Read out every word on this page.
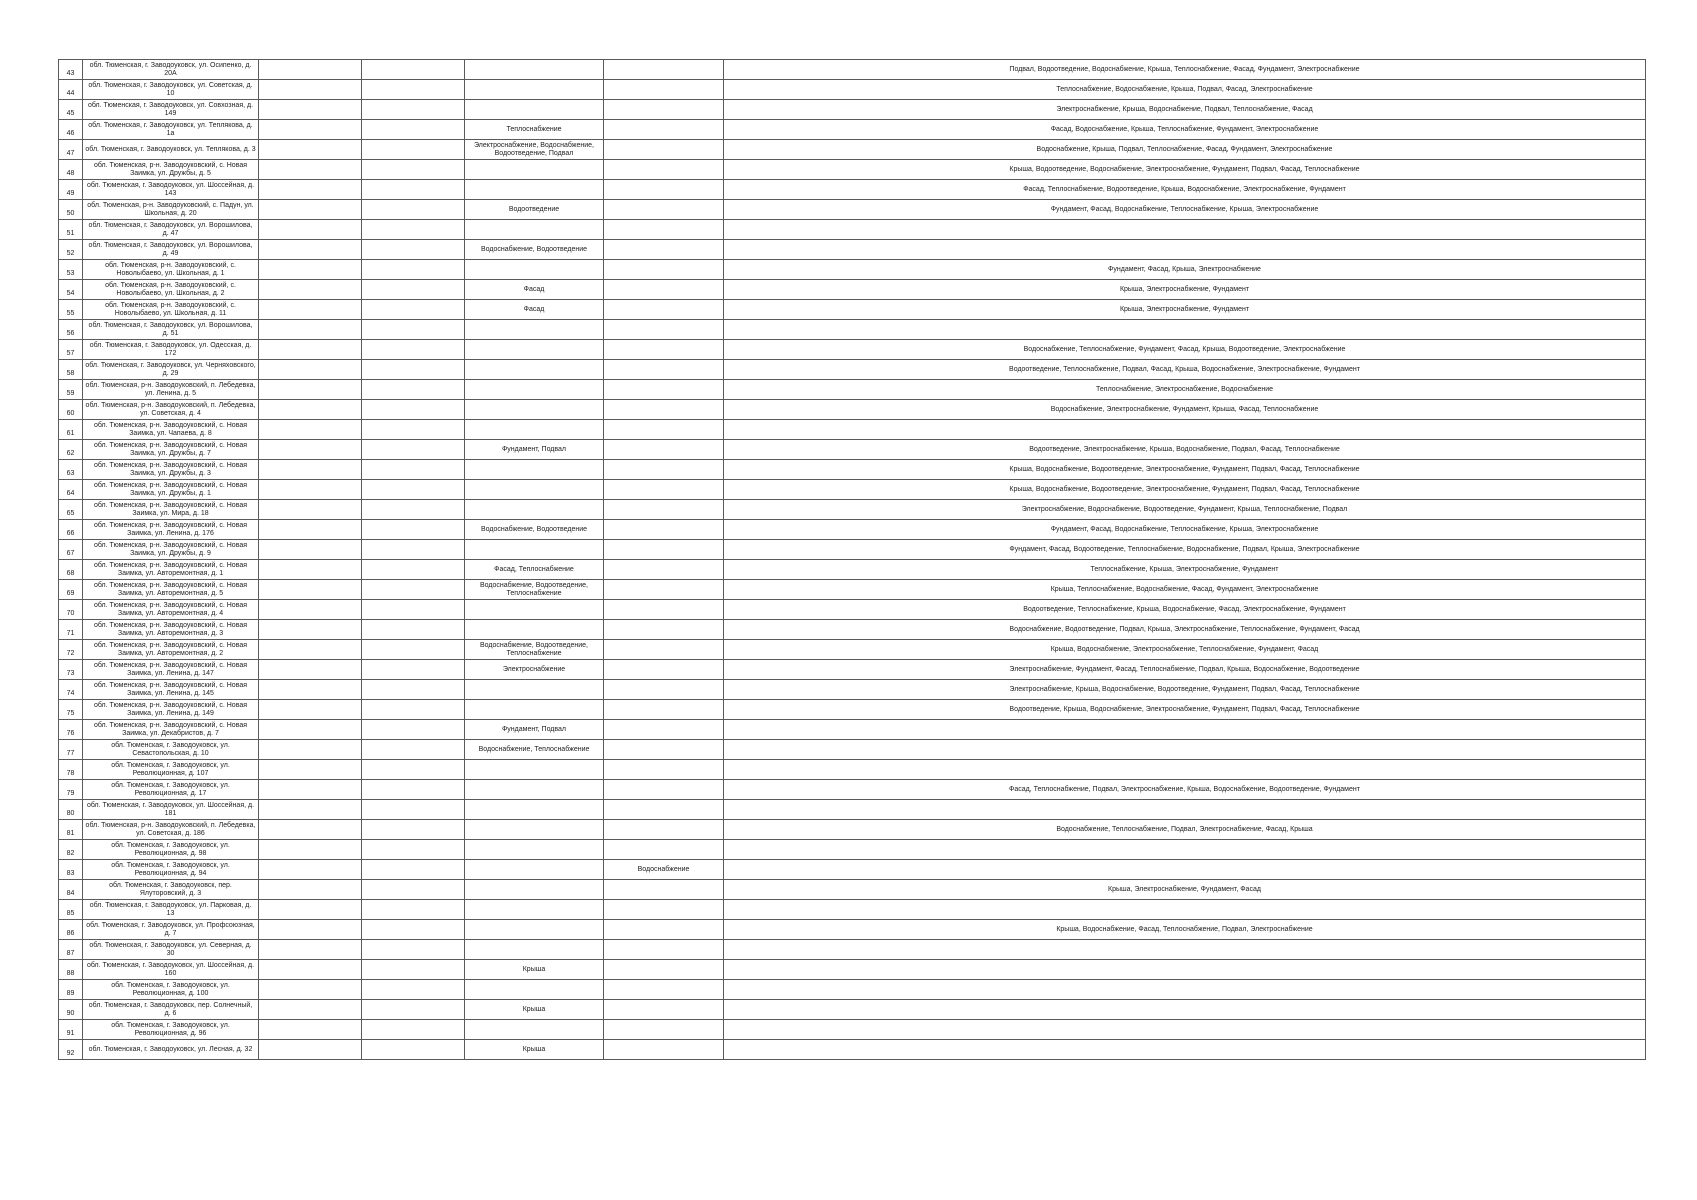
43	обл. Тюменская, г. Заводоуковск, ул. Осипенко, д. 20А					Подвал, Водоотведение, Водоснабжение, Крыша, Теплоснабжение, Фасад, Фундамент, Электроснабжение
44	обл. Тюменская, г. Заводоуковск, ул. Советская, д. 10					Теплоснабжение, Водоснабжение, Крыша, Подвал, Фасад, Электроснабжение
45	обл. Тюменская, г. Заводоуковск, ул. Совхозная, д. 149					Электроснабжение, Крыша, Водоснабжение, Подвал, Теплоснабжение, Фасад
46	обл. Тюменская, г. Заводоуковск, ул. Теплякова, д. 1а			Теплоснабжение		Фасад, Водоснабжение, Крыша, Теплоснабжение, Фундамент, Электроснабжение
47	обл. Тюменская, г. Заводоуковск, ул. Теплякова, д. 3			Электроснабжение, Водоснабжение, Водоотведение, Подвал		Водоснабжение, Крыша, Подвал, Теплоснабжение, Фасад, Фундамент, Электроснабжение
48	обл. Тюменская, р-н. Заводоуковский, с. Новая Заимка, ул. Дружбы, д. 5					Крыша, Водоотведение, Водоснабжение, Электроснабжение, Фундамент, Подвал, Фасад, Теплоснабжение
49	обл. Тюменская, г. Заводоуковск, ул. Шоссейная, д. 143					Фасад, Теплоснабжение, Водоотведение, Крыша, Водоснабжение, Электроснабжение, Фундамент
50	обл. Тюменская, р-н. Заводоуковский, с. Падун, ул. Школьная, д. 20			Водоотведение		Фундамент, Фасад, Водоснабжение, Теплоснабжение, Крыша, Электроснабжение
51	обл. Тюменская, г. Заводоуковск, ул. Ворошилова, д. 47					
52	обл. Тюменская, г. Заводоуковск, ул. Ворошилова, д. 49			Водоснабжение, Водоотведение		
53	обл. Тюменская, р-н. Заводоуковский, с. Новолыбаево, ул. Школьная, д. 1					Фундамент, Фасад, Крыша, Электроснабжение
54	обл. Тюменская, р-н. Заводоуковский, с. Новолыбаево, ул. Школьная, д. 2			Фасад		Крыша, Электроснабжение, Фундамент
55	обл. Тюменская, р-н. Заводоуковский, с. Новолыбаево, ул. Школьная, д. 11			Фасад		Крыша, Электроснабжение, Фундамент
56	обл. Тюменская, г. Заводоуковск, ул. Ворошилова, д. 51					
57	обл. Тюменская, г. Заводоуковск, ул. Одесская, д. 172					Водоснабжение, Теплоснабжение, Фундамент, Фасад, Крыша, Водоотведение, Электроснабжение
58	обл. Тюменская, г. Заводоуковск, ул. Черняховского, д. 29					Водоотведение, Теплоснабжение, Подвал, Фасад, Крыша, Водоснабжение, Электроснабжение, Фундамент
59	обл. Тюменская, р-н. Заводоуковский, п. Лебедевка, ул. Ленина, д. 5					Теплоснабжение, Электроснабжение, Водоснабжение
60	обл. Тюменская, р-н. Заводоуковский, п. Лебедевка, ул. Советская, д. 4					Водоснабжение, Электроснабжение, Фундамент, Крыша, Фасад, Теплоснабжение
61	обл. Тюменская, р-н. Заводоуковский, с. Новая Заимка, ул. Чапаева, д. 8					
62	обл. Тюменская, р-н. Заводоуковский, с. Новая Заимка, ул. Дружбы, д. 7			Фундамент, Подвал		Водоотведение, Электроснабжение, Крыша, Водоснабжение, Подвал, Фасад, Теплоснабжение
63	обл. Тюменская, р-н. Заводоуковский, с. Новая Заимка, ул. Дружбы, д. 3					Крыша, Водоснабжение, Водоотведение, Электроснабжение, Фундамент, Подвал, Фасад, Теплоснабжение
64	обл. Тюменская, р-н. Заводоуковский, с. Новая Заимка, ул. Дружбы, д. 1					Крыша, Водоснабжение, Водоотведение, Электроснабжение, Фундамент, Подвал, Фасад, Теплоснабжение
65	обл. Тюменская, р-н. Заводоуковский, с. Новая Заимка, ул. Мира, д. 18					Электроснабжение, Водоснабжение, Водоотведение, Фундамент, Крыша, Теплоснабжение, Подвал
66	обл. Тюменская, р-н. Заводоуковский, с. Новая Заимка, ул. Ленина, д. 176			Водоснабжение, Водоотведение		Фундамент, Фасад, Водоснабжение, Теплоснабжение, Крыша, Электроснабжение
67	обл. Тюменская, р-н. Заводоуковский, с. Новая Заимка, ул. Дружбы, д. 9					Фундамент, Фасад, Водоотведение, Теплоснабжение, Водоснабжение, Подвал, Крыша, Электроснабжение
68	обл. Тюменская, р-н. Заводоуковский, с. Новая Заимка, ул. Авторемонтная, д. 1			Фасад, Теплоснабжение		Теплоснабжение, Крыша, Электроснабжение, Фундамент
69	обл. Тюменская, р-н. Заводоуковский, с. Новая Заимка, ул. Авторемонтная, д. 5			Водоснабжение, Водоотведение, Теплоснабжение		Крыша, Теплоснабжение, Водоснабжение, Фасад, Фундамент, Электроснабжение
70	обл. Тюменская, р-н. Заводоуковский, с. Новая Заимка, ул. Авторемонтная, д. 4					Водоотведение, Теплоснабжение, Крыша, Водоснабжение, Фасад, Электроснабжение, Фундамент
71	обл. Тюменская, р-н. Заводоуковский, с. Новая Заимка, ул. Авторемонтная, д. 3					Водоснабжение, Водоотведение, Подвал, Крыша, Электроснабжение, Теплоснабжение, Фундамент, Фасад
72	обл. Тюменская, р-н. Заводоуковский, с. Новая Заимка, ул. Авторемонтная, д. 2			Водоснабжение, Водоотведение, Теплоснабжение		Крыша, Водоснабжение, Электроснабжение, Теплоснабжение, Фундамент, Фасад
73	обл. Тюменская, р-н. Заводоуковский, с. Новая Заимка, ул. Ленина, д. 147			Электроснабжение		Электроснабжение, Фундамент, Фасад, Теплоснабжение, Подвал, Крыша, Водоснабжение, Водоотведение
74	обл. Тюменская, р-н. Заводоуковский, с. Новая Заимка, ул. Ленина, д. 145					Электроснабжение, Крыша, Водоснабжение, Водоотведение, Фундамент, Подвал, Фасад, Теплоснабжение
75	обл. Тюменская, р-н. Заводоуковский, с. Новая Заимка, ул. Ленина, д. 149					Водоотведение, Крыша, Водоснабжение, Электроснабжение, Фундамент, Подвал, Фасад, Теплоснабжение
76	обл. Тюменская, р-н. Заводоуковский, с. Новая Заимка, ул. Декабристов, д. 7			Фундамент, Подвал		
77	обл. Тюменская, г. Заводоуковск, ул. Севастопольская, д. 10			Водоснабжение, Теплоснабжение		
78	обл. Тюменская, г. Заводоуковск, ул. Революционная, д. 107					
79	обл. Тюменская, г. Заводоуковск, ул. Революционная, д. 17					Фасад, Теплоснабжение, Подвал, Электроснабжение, Крыша, Водоснабжение, Водоотведение, Фундамент
80	обл. Тюменская, г. Заводоуковск, ул. Шоссейная, д. 181					
81	обл. Тюменская, р-н. Заводоуковский, п. Лебедевка, ул. Советская, д. 186					Водоснабжение, Теплоснабжение, Подвал, Электроснабжение, Фасад, Крыша
82	обл. Тюменская, г. Заводоуковск, ул. Революционная, д. 98					
83	обл. Тюменская, г. Заводоуковск, ул. Революционная, д. 94				Водоснабжение	
84	обл. Тюменская, г. Заводоуковск, пер. Ялуторовский, д. 3					Крыша, Электроснабжение, Фундамент, Фасад
85	обл. Тюменская, г. Заводоуковск, ул. Парковая, д. 13					
86	обл. Тюменская, г. Заводоуковск, ул. Профсоюзная, д. 7					Крыша, Водоснабжение, Фасад, Теплоснабжение, Подвал, Электроснабжение
87	обл. Тюменская, г. Заводоуковск, ул. Северная, д. 30					
88	обл. Тюменская, г. Заводоуковск, ул. Шоссейная, д. 160			Крыша		
89	обл. Тюменская, г. Заводоуковск, ул. Революционная, д. 100					
90	обл. Тюменская, г. Заводоуковск, пер. Солнечный, д. 6			Крыша		
91	обл. Тюменская, г. Заводоуковск, ул. Революционная, д. 96					
92	обл. Тюменская, г. Заводоуковск, ул. Лесная, д. 32			Крыша		
